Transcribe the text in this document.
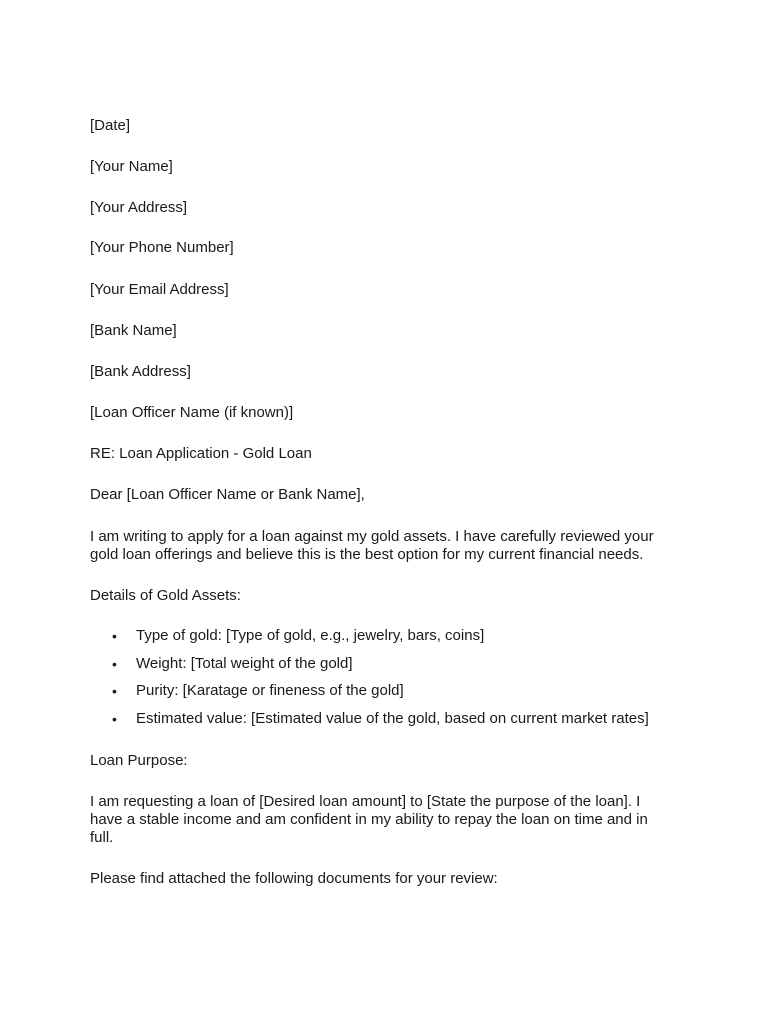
[Date]
[Your Name]
[Your Address]
[Your Phone Number]
[Your Email Address]
[Bank Name]
[Bank Address]
[Loan Officer Name (if known)]
RE: Loan Application - Gold Loan
Dear [Loan Officer Name or Bank Name],
I am writing to apply for a loan against my gold assets. I have carefully reviewed your gold loan offerings and believe this is the best option for my current financial needs.
Details of Gold Assets:
• Type of gold: [Type of gold, e.g., jewelry, bars, coins]
• Weight: [Total weight of the gold]
• Purity: [Karatage or fineness of the gold]
• Estimated value: [Estimated value of the gold, based on current market rates]
Loan Purpose:
I am requesting a loan of [Desired loan amount] to [State the purpose of the loan]. I have a stable income and am confident in my ability to repay the loan on time and in full.
Please find attached the following documents for your review:
